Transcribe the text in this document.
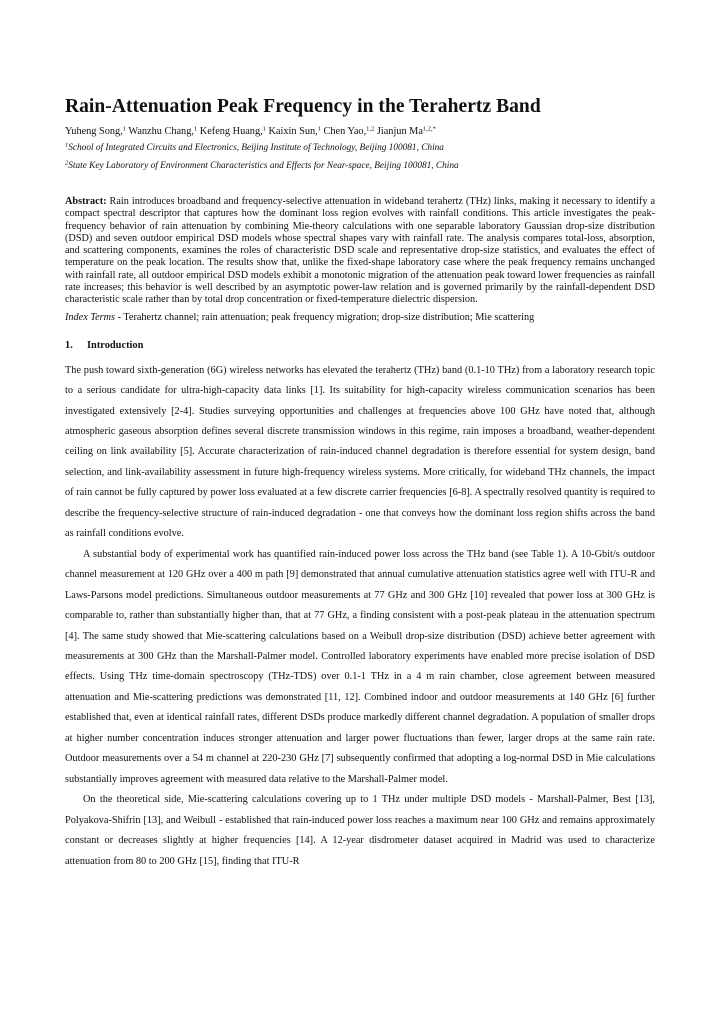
Rain-Attenuation Peak Frequency in the Terahertz Band
Yuheng Song,$^1$ Wanzhu Chang,$^1$ Kefeng Huang,$^1$ Kaixin Sun,$^1$ Chen Yao,$^{1,2}$ Jianjun $Ma^{1,2,*}$
$^1$School of Integrated Circuits and Electronics, Beijing Institute of Technology, Beijing 100081, China
$^2$State Key Laboratory of Environment Characteristics and Effects for Near-space, Beijing 100081, China

Abstract: Rain introduces broadband and frequency-selective attenuation in wideband terahertz (THz) links, making it necessary to identify a compact spectral descriptor that captures how the dominant loss region evolves with rainfall conditions. This article investigates the peak-frequency behavior of rain attenuation by combining Mie-theory calculations with one separable laboratory Gaussian drop-size distribution (DSD) and seven outdoor empirical DSD models whose spectral shapes vary with rainfall rate. The analysis compares total-loss, absorption, and scattering components, examines the roles of characteristic DSD scale and representative drop-size statistics, and evaluates the effect of temperature on the peak location. The results show that, unlike the fixed-shape laboratory case where the peak frequency remains unchanged with rainfall rate, all outdoor empirical DSD models exhibit a monotonic migration of the attenuation peak toward lower frequencies as rainfall rate increases; this behavior is well described by an asymptotic power-law relation and is governed primarily by the rainfall-dependent DSD characteristic scale rather than by total drop concentration or fixed-temperature dielectric dispersion.

Index Terms - Terahertz channel; rain attenuation; peak frequency migration; drop-size distribution; Mie scattering
1. Introduction

The push toward sixth-generation (6G) wireless networks has elevated the terahertz (THz) band (0.1-10 THz) from a laboratory research topic to a serious candidate for ultra-high-capacity data links [1]. Its suitability for high-capacity wireless communication scenarios has been investigated extensively [2-4]. Studies surveying opportunities and challenges at frequencies above 100 GHz have noted that, although atmospheric gaseous absorption defines several discrete transmission windows in this regime, rain imposes a broadband, weather-dependent ceiling on link availability [5]. Accurate characterization of rain-induced channel degradation is therefore essential for system design, band selection, and link-availability assessment in future high-frequency wireless systems. More critically, for wideband THz channels, the impact of rain cannot be fully captured by power loss evaluated at a few discrete carrier frequencies [6-8]. A spectrally resolved quantity is required to describe the frequency-selective structure of rain-induced degradation - one that conveys how the dominant loss region shifts across the band as rainfall conditions evolve.

A substantial body of experimental work has quantified rain-induced power loss across the THz band (see Table 1). A 10-Gbit/s outdoor channel measurement at 120 GHz over a 400 m path [9] demonstrated that annual cumulative attenuation statistics agree well with ITU-R and Laws-Parsons model predictions. Simultaneous outdoor measurements at 77 GHz and 300 GHz [10] revealed that power loss at 300 GHz is comparable to, rather than substantially higher than, that at 77 GHz, a finding consistent with a post-peak plateau in the attenuation spectrum [4]. The same study showed that Mie-scattering calculations based on a Weibull drop-size distribution (DSD) achieve better agreement with measurements at 300 GHz than the Marshall-Palmer model. Controlled laboratory experiments have enabled more precise isolation of DSD effects. Using THz time-domain spectroscopy (THz-TDS) over 0.1-1 THz in a 4 m rain chamber, close agreement between measured attenuation and Mie-scattering predictions was demonstrated [11, 12]. Combined indoor and outdoor measurements at 140 GHz [6] further established that, even at identical rainfall rates, different DSDs produce markedly different channel degradation. A population of smaller drops at higher number concentration induces stronger attenuation and larger power fluctuations than fewer, larger drops at the same rain rate. Outdoor measurements over a 54 m channel at 220-230 GHz [7] subsequently confirmed that adopting a log-normal DSD in Mie calculations substantially improves agreement with measured data relative to the Marshall-Palmer model.

On the theoretical side, Mie-scattering calculations covering up to 1 THz under multiple DSD models - Marshall-Palmer, Best [13], Polyakova-Shifrin [13], and Weibull - established that rain-induced power loss reaches a maximum near 100 GHz and remains approximately constant or decreases slightly at higher frequencies [14]. A 12-year disdrometer dataset acquired in Madrid was used to characterize attenuation from 80 to 200 GHz [15], finding that ITU-R
